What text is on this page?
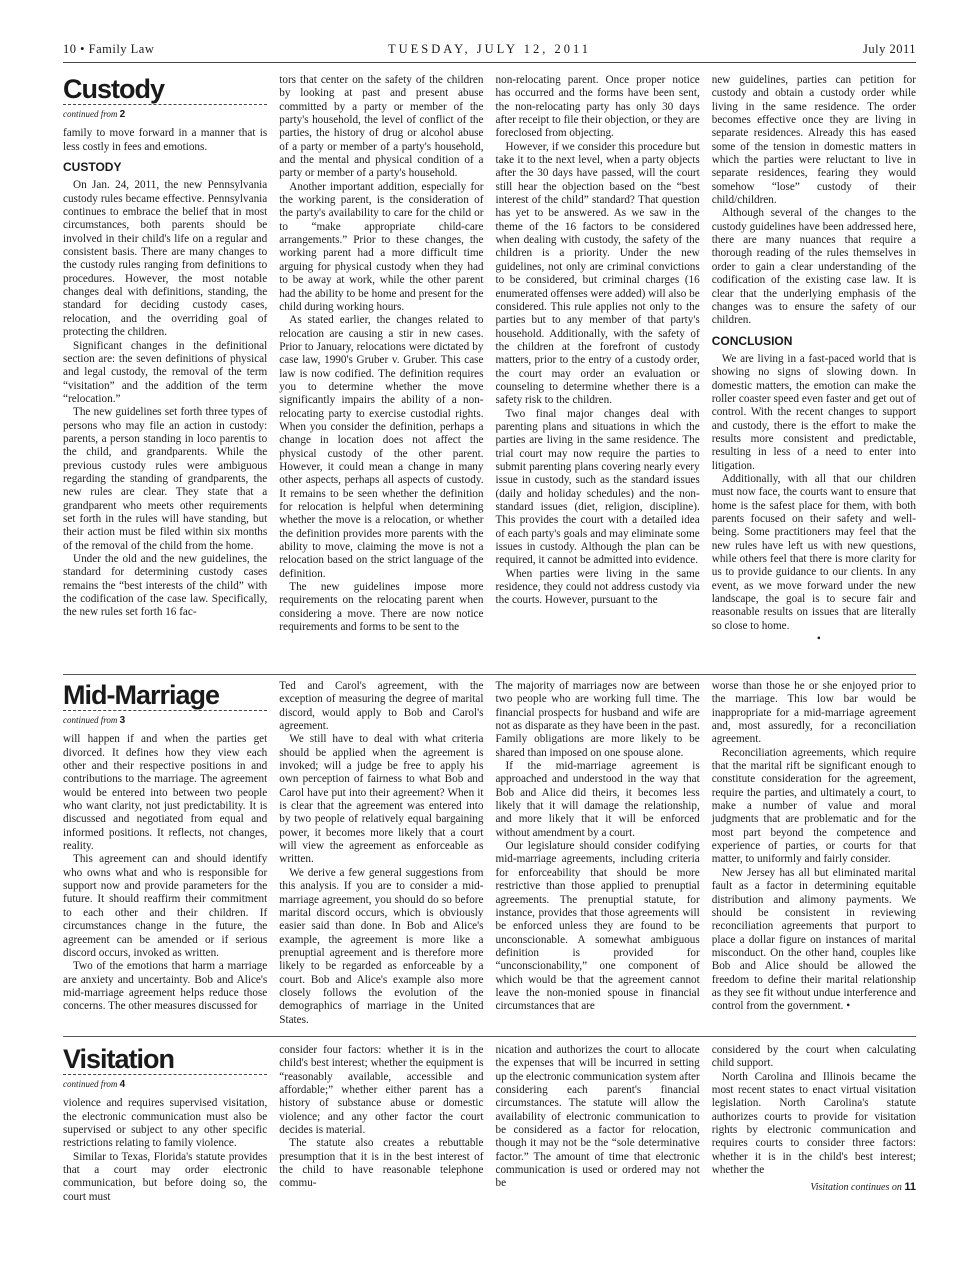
10 • Family Law	TUESDAY, JULY 12, 2011	July 2011
Custody
continued from 2

family to move forward in a manner that is less costly in fees and emotions.

CUSTODY

On Jan. 24, 2011, the new Pennsylvania custody rules became effective. Pennsylvania continues to embrace the belief that in most circumstances, both parents should be involved in their child's life on a regular and consistent basis. There are many changes to the custody rules ranging from definitions to procedures. However, the most notable changes deal with definitions, standing, the standard for deciding custody cases, relocation, and the overriding goal of protecting the children.

Significant changes in the definitional section are: the seven definitions of physical and legal custody, the removal of the term “visitation” and the addition of the term “relocation.”

The new guidelines set forth three types of persons who may file an action in custody: parents, a person standing in loco parentis to the child, and grandparents. While the previous custody rules were ambiguous regarding the standing of grandparents, the new rules are clear. They state that a grandparent who meets other requirements set forth in the rules will have standing, but their action must be filed within six months of the removal of the child from the home.

Under the old and the new guidelines, the standard for determining custody cases remains the “best interests of the child” with the codification of the case law. Specifically, the new rules set forth 16 fac-

tors that center on the safety of the children by looking at past and present abuse committed by a party or member of the party's household, the level of conflict of the parties, the history of drug or alcohol abuse of a party or member of a party's household, and the mental and physical condition of a party or member of a party's household.

Another important addition, especially for the working parent, is the consideration of the party's availability to care for the child or to “make appropriate child-care arrangements.” Prior to these changes, the working parent had a more difficult time arguing for physical custody when they had to be away at work, while the other parent had the ability to be home and present for the child during working hours.

As stated earlier, the changes related to relocation are causing a stir in new cases. Prior to January, relocations were dictated by case law, 1990's Gruber v. Gruber. This case law is now codified. The definition requires you to determine whether the move significantly impairs the ability of a non-relocating party to exercise custodial rights. When you consider the definition, perhaps a change in location does not affect the physical custody of the other parent. However, it could mean a change in many other aspects, perhaps all aspects of custody. It remains to be seen whether the definition for relocation is helpful when determining whether the move is a relocation, or whether the definition provides more parents with the ability to move, claiming the move is not a relocation based on the strict language of the definition.

The new guidelines impose more requirements on the relocating parent when considering a move. There are now notice requirements and forms to be sent to the

non-relocating parent. Once proper notice has occurred and the forms have been sent, the non-relocating party has only 30 days after receipt to file their objection, or they are foreclosed from objecting.

However, if we consider this procedure but take it to the next level, when a party objects after the 30 days have passed, will the court still hear the objection based on the “best interest of the child” standard? That question has yet to be answered. As we saw in the theme of the 16 factors to be considered when dealing with custody, the safety of the children is a priority. Under the new guidelines, not only are criminal convictions to be considered, but criminal charges (16 enumerated offenses were added) will also be considered. This rule applies not only to the parties but to any member of that party's household. Additionally, with the safety of the children at the forefront of custody matters, prior to the entry of a custody order, the court may order an evaluation or counseling to determine whether there is a safety risk to the children.

Two final major changes deal with parenting plans and situations in which the parties are living in the same residence. The trial court may now require the parties to submit parenting plans covering nearly every issue in custody, such as the standard issues (daily and holiday schedules) and the non-standard issues (diet, religion, discipline). This provides the court with a detailed idea of each party's goals and may eliminate some issues in custody. Although the plan can be required, it cannot be admitted into evidence.

When parties were living in the same residence, they could not address custody via the courts. However, pursuant to the

new guidelines, parties can petition for custody and obtain a custody order while living in the same residence. The order becomes effective once they are living in separate residences. Already this has eased some of the tension in domestic matters in which the parties were reluctant to live in separate residences, fearing they would somehow “lose” custody of their child/children.

Although several of the changes to the custody guidelines have been addressed here, there are many nuances that require a thorough reading of the rules themselves in order to gain a clear understanding of the codification of the existing case law. It is clear that the underlying emphasis of the changes was to ensure the safety of our children.

CONCLUSION

We are living in a fast-paced world that is showing no signs of slowing down. In domestic matters, the emotion can make the roller coaster speed even faster and get out of control. With the recent changes to support and custody, there is the effort to make the results more consistent and predictable, resulting in less of a need to enter into litigation.

Additionally, with all that our children must now face, the courts want to ensure that home is the safest place for them, with both parents focused on their safety and well-being. Some practitioners may feel that the new rules have left us with new questions, while others feel that there is more clarity for us to provide guidance to our clients. In any event, as we move forward under the new landscape, the goal is to secure fair and reasonable results on issues that are literally so close to home.

•

Mid-Marriage
continued from 3

will happen if and when the parties get divorced. It defines how they view each other and their respective positions in and contributions to the marriage. The agreement would be entered into between two people who want clarity, not just predictability. It is discussed and negotiated from equal and informed positions. It reflects, not changes, reality.

This agreement can and should identify who owns what and who is responsible for support now and provide parameters for the future. It should reaffirm their commitment to each other and their children. If circumstances change in the future, the agreement can be amended or if serious discord occurs, invoked as written.

Two of the emotions that harm a marriage are anxiety and uncertainty. Bob and Alice's mid-marriage agreement helps reduce those concerns. The other measures discussed for

Ted and Carol's agreement, with the exception of measuring the degree of marital discord, would apply to Bob and Carol's agreement.

We still have to deal with what criteria should be applied when the agreement is invoked; will a judge be free to apply his own perception of fairness to what Bob and Carol have put into their agreement? When it is clear that the agreement was entered into by two people of relatively equal bargaining power, it becomes more likely that a court will view the agreement as enforceable as written.

We derive a few general suggestions from this analysis. If you are to consider a mid-marriage agreement, you should do so before marital discord occurs, which is obviously easier said than done. In Bob and Alice's example, the agreement is more like a prenuptial agreement and is therefore more likely to be regarded as enforceable by a court. Bob and Alice's example also more closely follows the evolution of the demographics of marriage in the United States.

The majority of marriages now are between two people who are working full time. The financial prospects for husband and wife are not as disparate as they have been in the past. Family obligations are more likely to be shared than imposed on one spouse alone.

If the mid-marriage agreement is approached and understood in the way that Bob and Alice did theirs, it becomes less likely that it will damage the relationship, and more likely that it will be enforced without amendment by a court.

Our legislature should consider codifying mid-marriage agreements, including criteria for enforceability that should be more restrictive than those applied to prenuptial agreements. The prenuptial statute, for instance, provides that those agreements will be enforced unless they are found to be unconscionable. A somewhat ambiguous definition is provided for “unconscionability,” one component of which would be that the agreement cannot leave the non-monied spouse in financial circumstances that are

worse than those he or she enjoyed prior to the marriage. This low bar would be inappropriate for a mid-marriage agreement and, most assuredly, for a reconciliation agreement.

Reconciliation agreements, which require that the marital rift be significant enough to constitute consideration for the agreement, require the parties, and ultimately a court, to make a number of value and moral judgments that are problematic and for the most part beyond the competence and experience of parties, or courts for that matter, to uniformly and fairly consider.

New Jersey has all but eliminated marital fault as a factor in determining equitable distribution and alimony payments. We should be consistent in reviewing reconciliation agreements that purport to place a dollar figure on instances of marital misconduct. On the other hand, couples like Bob and Alice should be allowed the freedom to define their marital relationship as they see fit without undue interference and control from the government. •

Visitation
continued from 4

violence and requires supervised visitation, the electronic communication must also be supervised or subject to any other specific restrictions relating to family violence.

Similar to Texas, Florida's statute provides that a court may order electronic communication, but before doing so, the court must

consider four factors: whether it is in the child's best interest; whether the equipment is “reasonably available, accessible and affordable;” whether either parent has a history of substance abuse or domestic violence; and any other factor the court decides is material.

The statute also creates a rebuttable presumption that it is in the best interest of the child to have reasonable telephone commu-

nication and authorizes the court to allocate the expenses that will be incurred in setting up the electronic communication system after considering each parent's financial circumstances. The statute will allow the availability of electronic communication to be considered as a factor for relocation, though it may not be the “sole determinative factor.” The amount of time that electronic communication is used or ordered may not be

considered by the court when calculating child support.

North Carolina and Illinois became the most recent states to enact virtual visitation legislation. North Carolina's statute authorizes courts to provide for visitation rights by electronic communication and requires courts to consider three factors: whether it is in the child's best interest; whether the

Visitation continues on 11
